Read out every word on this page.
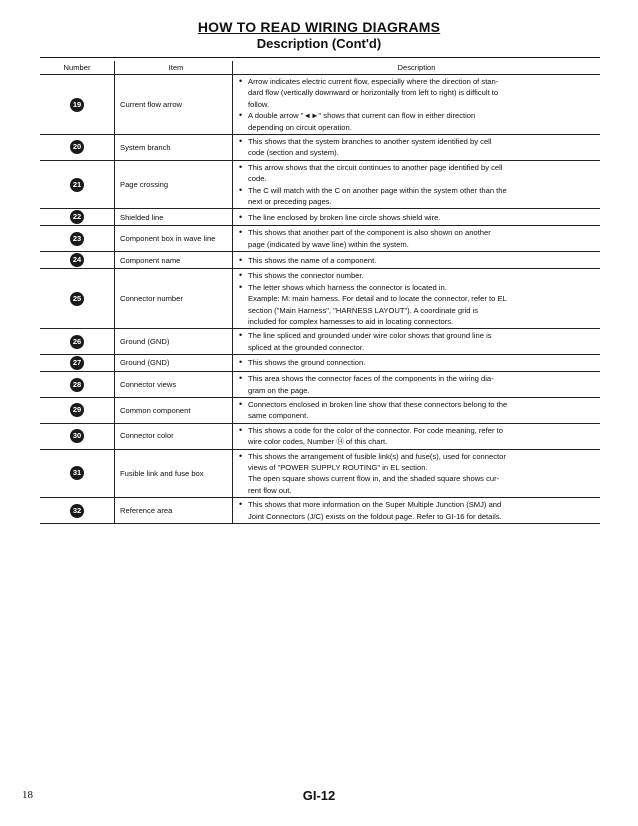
HOW TO READ WIRING DIAGRAMS
Description (Cont'd)
Number	Item	Description
19	Current flow arrow	• Arrow indicates electric current flow, especially where the direction of stan-
dard flow (vertically downward or horizontally from left to right) is difficult to
follow.
• A double arrow "◄►" shows that current can flow in either direction
depending on circuit operation.

20	System branch	• This shows that the system branches to another system identified by cell
code (section and system).

21	Page crossing	• This arrow shows that the circuit continues to another page identified by cell
code.
• The C will match with the C on another page within the system other than the
next or preceding pages.

22	Shielded line	• The line enclosed by broken line circle shows shield wire.

23	Component box in wave line	• This shows that another part of the component is also shown on another
page (indicated by wave line) within the system.

24	Component name	• This shows the name of a component.

25	Connector number	• This shows the connector number.
• The letter shows which harness the connector is located in.
Example: M: main harness. For detail and to locate the connector, refer to EL
section ("Main Harness", "HARNESS LAYOUT"). A coordinate grid is
included for complex harnesses to aid in locating connectors.

26	Ground (GND)	• The line spliced and grounded under wire color shows that ground line is
spliced at the grounded connector.

27	Ground (GND)	• This shows the ground connection.

28	Connector views	• This area shows the connector faces of the components in the wiring dia-
gram on the page.

29	Common component	• Connectors enclosed in broken line show that these connectors belong to the
same component.

30	Connector color	• This shows a code for the color of the connector. For code meaning, refer to
wire color codes, Number ⑭ of this chart.

31	Fusible link and fuse box	• This shows the arrangement of fusible link(s) and fuse(s), used for connector
views of "POWER SUPPLY ROUTING" in EL section.
The open square shows current flow in, and the shaded square shows cur-
rent flow out.

32	Reference area	• This shows that more information on the Super Multiple Junction (SMJ) and
Joint Connectors (J/C) exists on the foldout page. Refer to GI-16 for details.
18	GI-12
